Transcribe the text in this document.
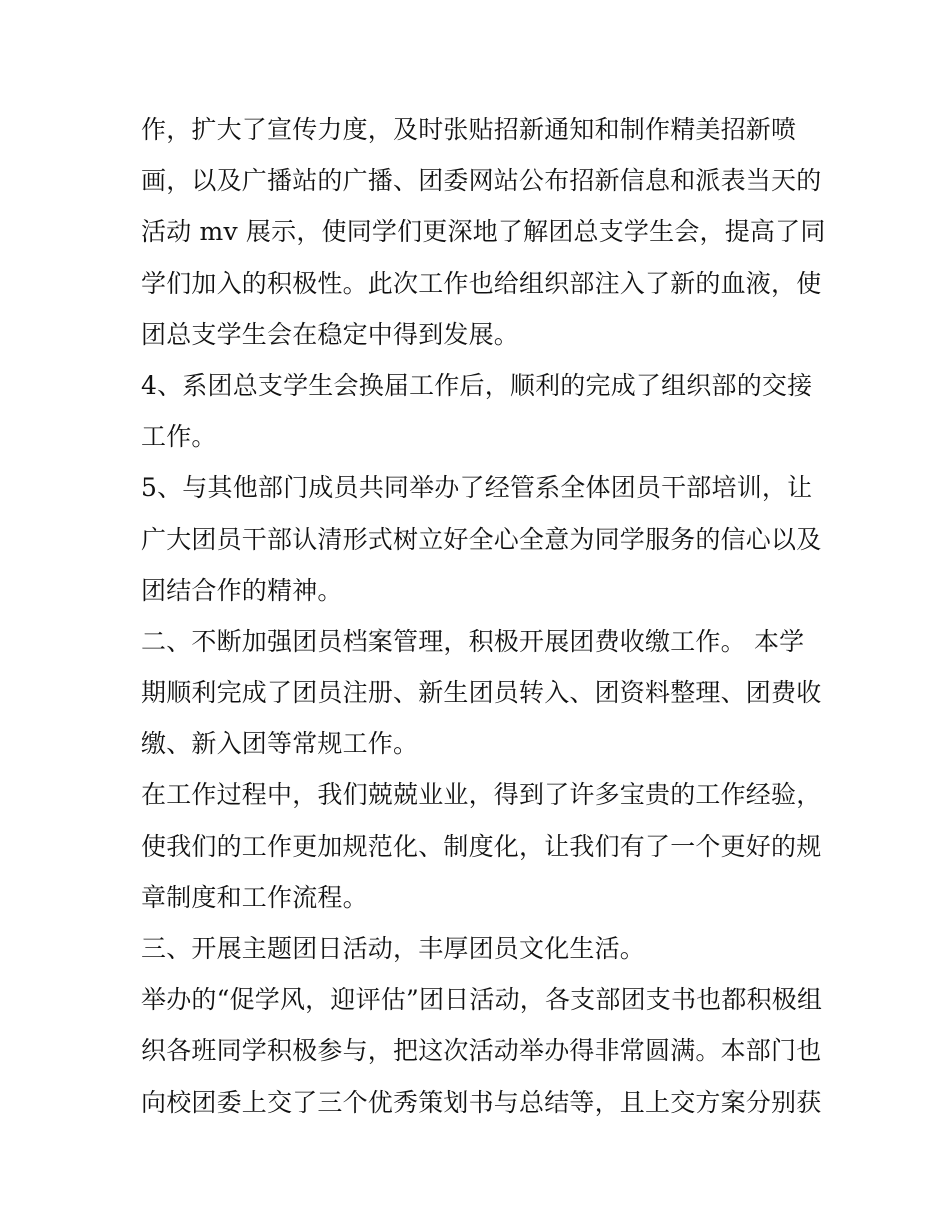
作，扩大了宣传力度，及时张贴招新通知和制作精美招新喷
画，以及广播站的广播、团委网站公布招新信息和派表当天的
活动 mv 展示，使同学们更深地了解团总支学生会，提高了同
学们加入的积极性。此次工作也给组织部注入了新的血液，使
团总支学生会在稳定中得到发展。
4、系团总支学生会换届工作后，顺利的完成了组织部的交接
工作。
5、与其他部门成员共同举办了经管系全体团员干部培训，让
广大团员干部认清形式树立好全心全意为同学服务的信心以及
团结合作的精神。
二、不断加强团员档案管理，积极开展团费收缴工作。 本学
期顺利完成了团员注册、新生团员转入、团资料整理、团费收
缴、新入团等常规工作。
在工作过程中，我们兢兢业业，得到了许多宝贵的工作经验，
使我们的工作更加规范化、制度化，让我们有了一个更好的规
章制度和工作流程。
三、开展主题团日活动，丰厚团员文化生活。
举办的“促学风，迎评估”团日活动，各支部团支书也都积极组
织各班同学积极参与，把这次活动举办得非常圆满。本部门也
向校团委上交了三个优秀策划书与总结等，且上交方案分别获
